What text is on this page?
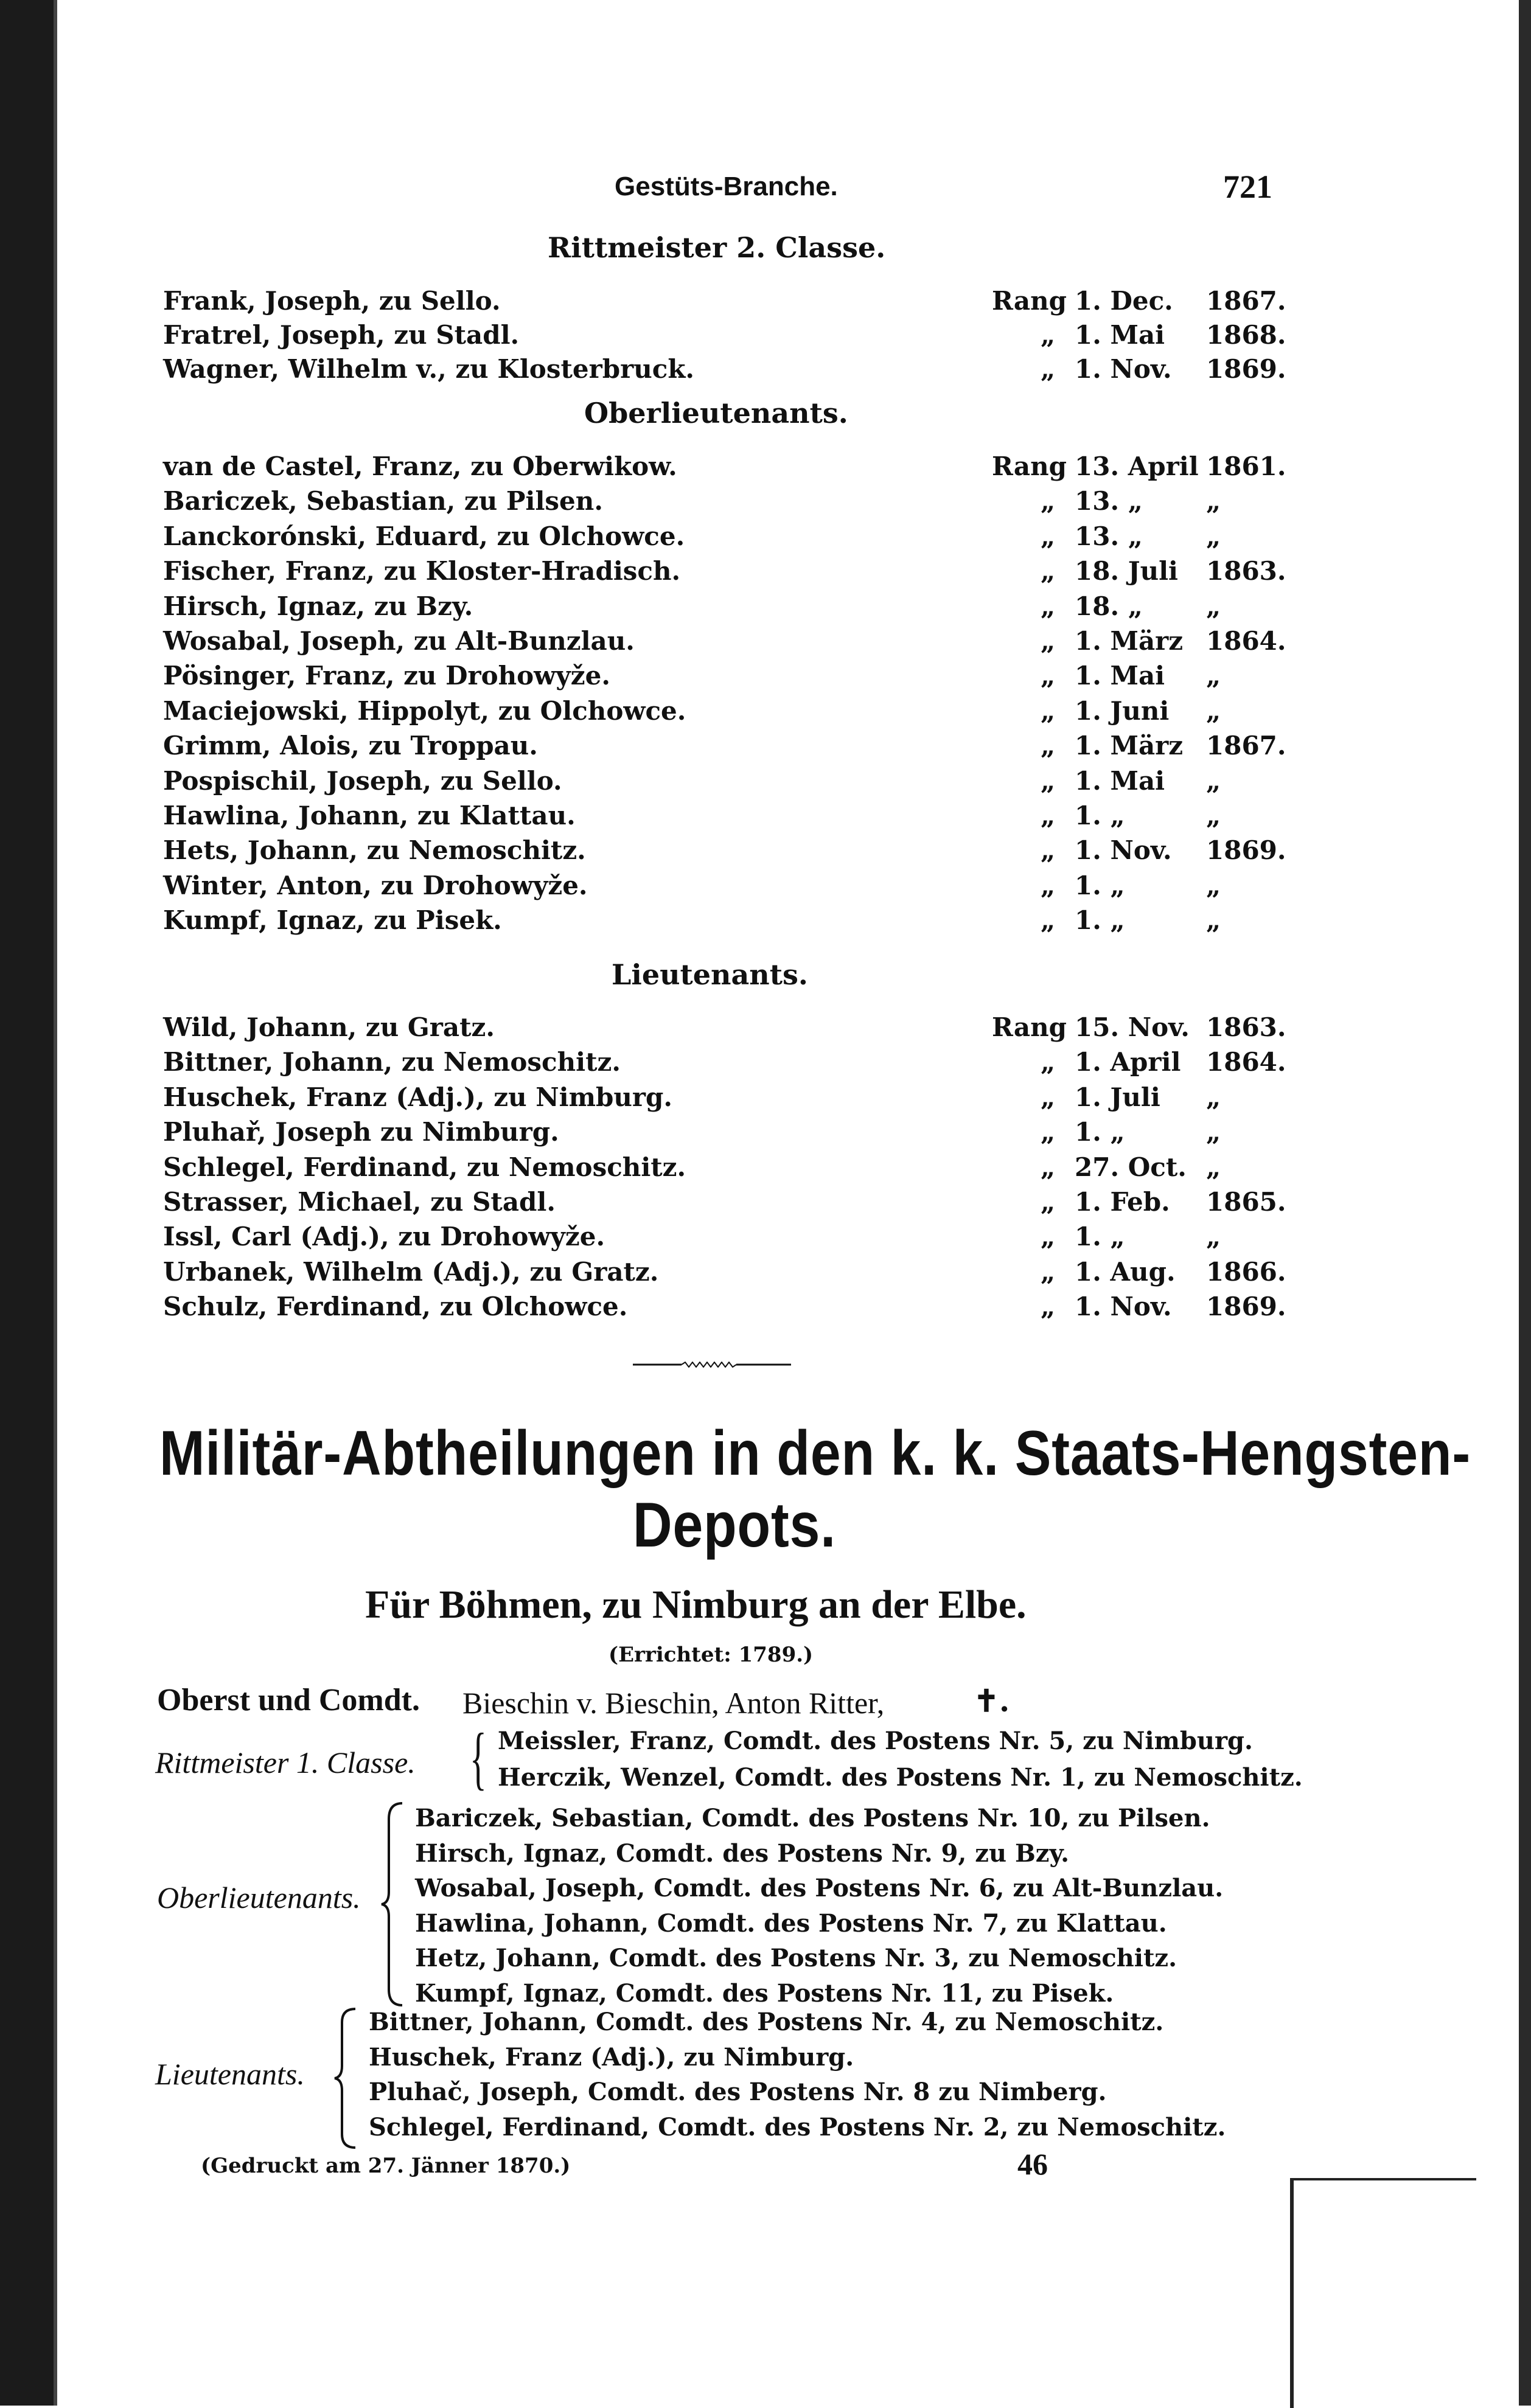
Gestüts-Branche.	721
Rittmeister 2. Classe.
Frank, Joseph, zu Sello.	Rang 1. Dec. 1867.
Fratrel, Joseph, zu Stadl.	„ 1. Mai 1868.
Wagner, Wilhelm v., zu Klosterbruck.	„ 1. Nov. 1869.
Oberlieutenants.
van de Castel, Franz, zu Oberwikow.	Rang 13. April 1861.
Bariczek, Sebastian, zu Pilsen.	„ 13. „ „
Lanckorónski, Eduard, zu Olchowce.	„ 13. „ „
Fischer, Franz, zu Kloster-Hradisch.	„ 18. Juli 1863.
Hirsch, Ignaz, zu Bzy.	„ 18. „ „
Wosabal, Joseph, zu Alt-Bunzlau.	„ 1. März 1864.
Pösinger, Franz, zu Drohowyže.	„ 1. Mai „
Maciejowski, Hippolyt, zu Olchowce.	„ 1. Juni „
Grimm, Alois, zu Troppau.	„ 1. März 1867.
Pospischil, Joseph, zu Sello.	„ 1. Mai „
Hawlina, Johann, zu Klattau.	„ 1. „	„
Hets, Johann, zu Nemoschitz.	„ 1. Nov. 1869.
Winter, Anton, zu Drohowyže.	„ 1. „	„
Kumpf, Ignaz, zu Pisek.	„ 1. „	„
Lieutenants.
Wild, Johann, zu Gratz.	Rang 15. Nov. 1863.
Bittner, Johann, zu Nemoschitz.	„ 1. April 1864.
Huschek, Franz (Adj.), zu Nimburg.	„ 1. Juli „
Pluhař, Joseph zu Nimburg.	„ 1. „	„
Schlegel, Ferdinand, zu Nemoschitz.	„ 27. Oct. „
Strasser, Michael, zu Stadl.	„ 1. Feb. 1865.
Issl, Carl (Adj.), zu Drohowyže.	„ 1. „	„
Urbanek, Wilhelm (Adj.), zu Gratz.	„ 1. Aug. 1866.
Schulz, Ferdinand, zu Olchowce.	„ 1. Nov. 1869.
Militär-Abtheilungen in den k. k. Staats-Hengsten-
Depots.
Für Böhmen, zu Nimburg an der Elbe.
(Errichtet: 1789.)
Oberst und Comdt. Bieschin v. Bieschin, Anton Ritter,	✝.
Rittmeister 1. Classe. { Meissler, Franz, Comdt. des Postens Nr. 5, zu Nimburg.
Herczik, Wenzel, Comdt. des Postens Nr. 1, zu Nemoschitz.
Oberlieutenants.
Bariczek, Sebastian, Comdt. des Postens Nr. 10, zu Pilsen.
Hirsch, Ignaz, Comdt. des Postens Nr. 9, zu Bzy.
Wosabal, Joseph, Comdt. des Postens Nr. 6, zu Alt-Bunzlau.
Hawlina, Johann, Comdt. des Postens Nr. 7, zu Klattau.
Hetz, Johann, Comdt. des Postens Nr. 3, zu Nemoschitz.
Kumpf, Ignaz, Comdt. des Postens Nr. 11, zu Pisek.
Lieutenants.
Bittner, Johann, Comdt. des Postens Nr. 4, zu Nemoschitz.
Huschek, Franz (Adj.), zu Nimburg.
Pluhač, Joseph, Comdt. des Postens Nr. 8 zu Nimberg.
Schlegel, Ferdinand, Comdt. des Postens Nr. 2, zu Nemoschitz.
(Gedruckt am 27. Jänner 1870.)	46
